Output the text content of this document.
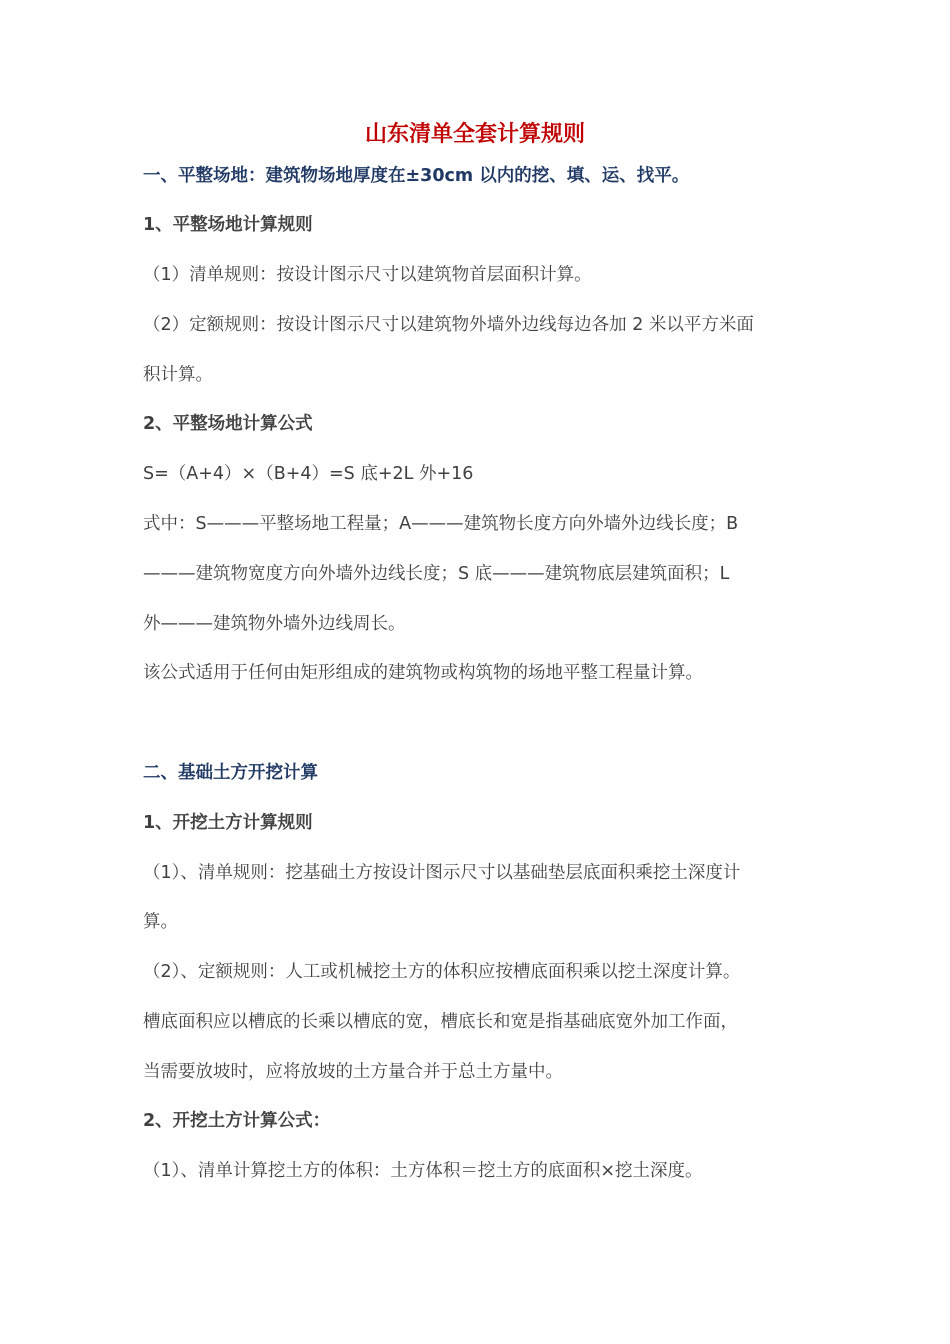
山东清单全套计算规则
一、平整场地：建筑物场地厚度在±30cm 以内的挖、填、运、找平。
1、平整场地计算规则
（1）清单规则：按设计图示尺寸以建筑物首层面积计算。
（2）定额规则：按设计图示尺寸以建筑物外墙外边线每边各加 2 米以平方米面
积计算。
2、平整场地计算公式
S=（A+4）×（B+4）=S 底+2L 外+16
式中：S———平整场地工程量；A———建筑物长度方向外墙外边线长度；B
———建筑物宽度方向外墙外边线长度；S 底———建筑物底层建筑面积；L
外———建筑物外墙外边线周长。
该公式适用于任何由矩形组成的建筑物或构筑物的场地平整工程量计算。
二、基础土方开挖计算
1、开挖土方计算规则
（1）、清单规则：挖基础土方按设计图示尺寸以基础垫层底面积乘挖土深度计
算。
（2）、定额规则：人工或机械挖土方的体积应按槽底面积乘以挖土深度计算。
槽底面积应以槽底的长乘以槽底的宽，槽底长和宽是指基础底宽外加工作面，
当需要放坡时，应将放坡的土方量合并于总土方量中。
2、开挖土方计算公式：
（1）、清单计算挖土方的体积：土方体积＝挖土方的底面积×挖土深度。
